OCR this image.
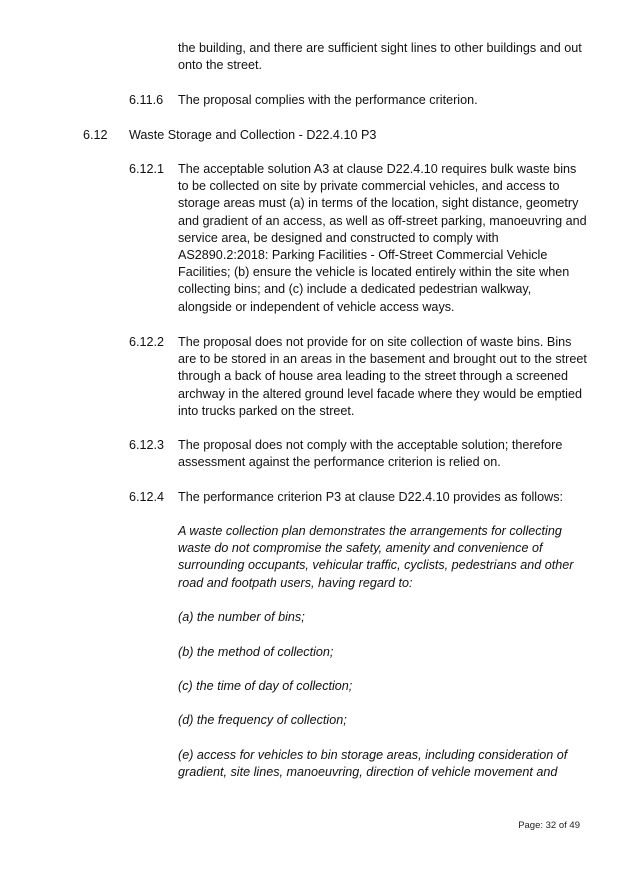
the building, and there are sufficient sight lines to other buildings and out onto the street.

6.11.6 The proposal complies with the performance criterion.

6.12 Waste Storage and Collection - D22.4.10 P3

6.12.1 The acceptable solution A3 at clause D22.4.10 requires bulk waste bins to be collected on site by private commercial vehicles, and access to storage areas must (a) in terms of the location, sight distance, geometry and gradient of an access, as well as off-street parking, manoeuvring and service area, be designed and constructed to comply with AS2890.2:2018: Parking Facilities - Off-Street Commercial Vehicle Facilities; (b) ensure the vehicle is located entirely within the site when collecting bins; and (c) include a dedicated pedestrian walkway, alongside or independent of vehicle access ways.

6.12.2 The proposal does not provide for on site collection of waste bins. Bins are to be stored in an areas in the basement and brought out to the street through a back of house area leading to the street through a screened archway in the altered ground level facade where they would be emptied into trucks parked on the street.

6.12.3 The proposal does not comply with the acceptable solution; therefore assessment against the performance criterion is relied on.

6.12.4 The performance criterion P3 at clause D22.4.10 provides as follows:

A waste collection plan demonstrates the arrangements for collecting waste do not compromise the safety, amenity and convenience of surrounding occupants, vehicular traffic, cyclists, pedestrians and other road and footpath users, having regard to:

(a) the number of bins;

(b) the method of collection;

(c) the time of day of collection;

(d) the frequency of collection;

(e) access for vehicles to bin storage areas, including consideration of gradient, site lines, manoeuvring, direction of vehicle movement and

Page: 32 of 49
